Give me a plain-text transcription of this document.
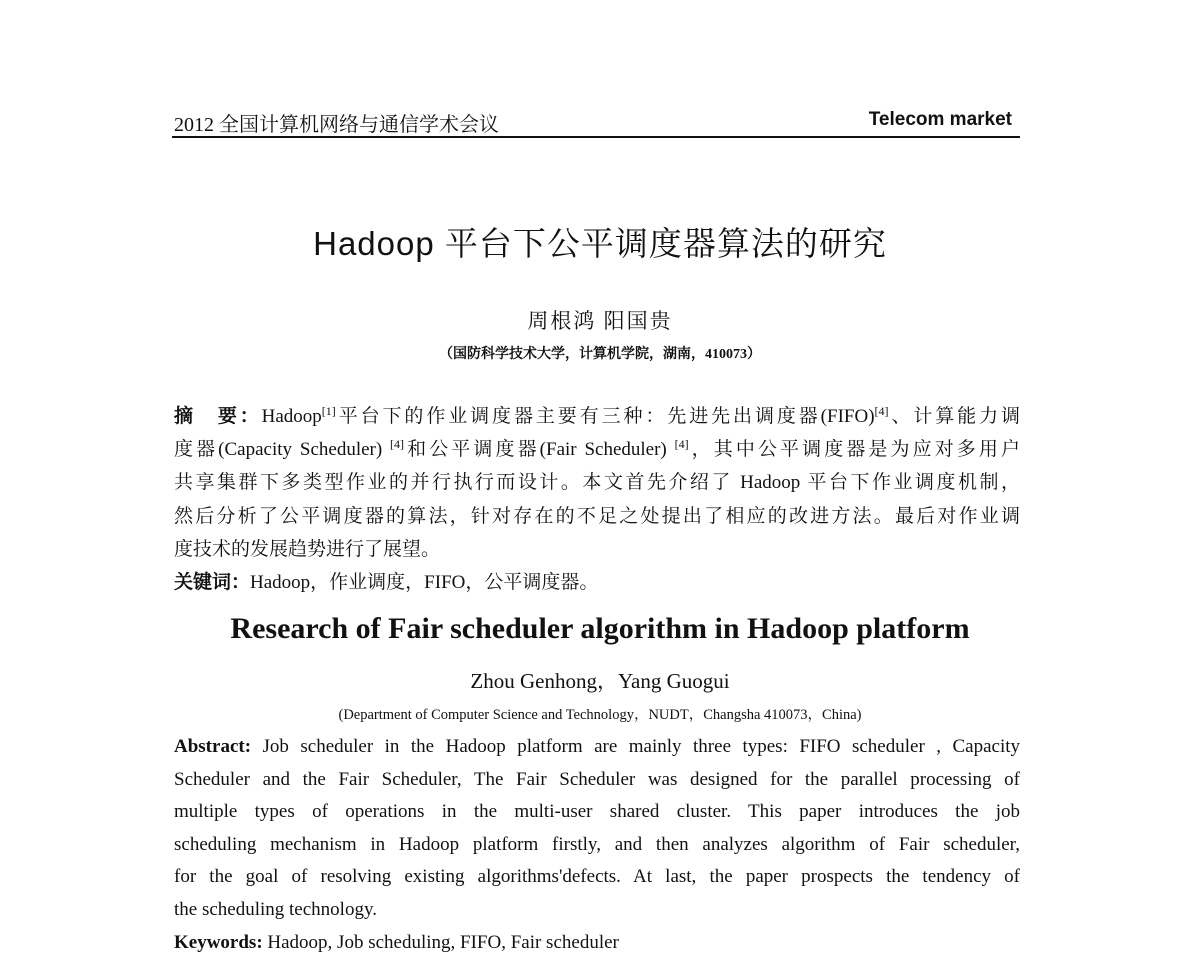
2012 全国计算机网络与通信学术会议	Telecom market
Hadoop 平台下公平调度器算法的研究
周根鸿 阳国贵
（国防科学技术大学，计算机学院，湖南，410073）
摘　要：Hadoop[1]平台下的作业调度器主要有三种：先进先出调度器(FIFO)[4]、计算能力调
度器(Capacity Scheduler) [4]和公平调度器(Fair Scheduler) [4]，其中公平调度器是为应对多用户
共享集群下多类型作业的并行执行而设计。本文首先介绍了 Hadoop 平台下作业调度机制，
然后分析了公平调度器的算法，针对存在的不足之处提出了相应的改进方法。最后对作业调
度技术的发展趋势进行了展望。
关键词：Hadoop，作业调度，FIFO，公平调度器。
Research of Fair scheduler algorithm in Hadoop platform
Zhou Genhong，Yang Guogui
(Department of Computer Science and Technology，NUDT，Changsha 410073，China)
Abstract: Job scheduler in the Hadoop platform are mainly three types: FIFO scheduler , Capacity
Scheduler and the Fair Scheduler, The Fair Scheduler was designed for the parallel processing of
multiple types of operations in the multi-user shared cluster. This paper introduces the job
scheduling mechanism in Hadoop platform firstly, and then analyzes algorithm of Fair scheduler,
for the goal of resolving existing algorithms'defects. At last, the paper prospects the tendency of
the scheduling technology.
Keywords: Hadoop, Job scheduling, FIFO, Fair scheduler
